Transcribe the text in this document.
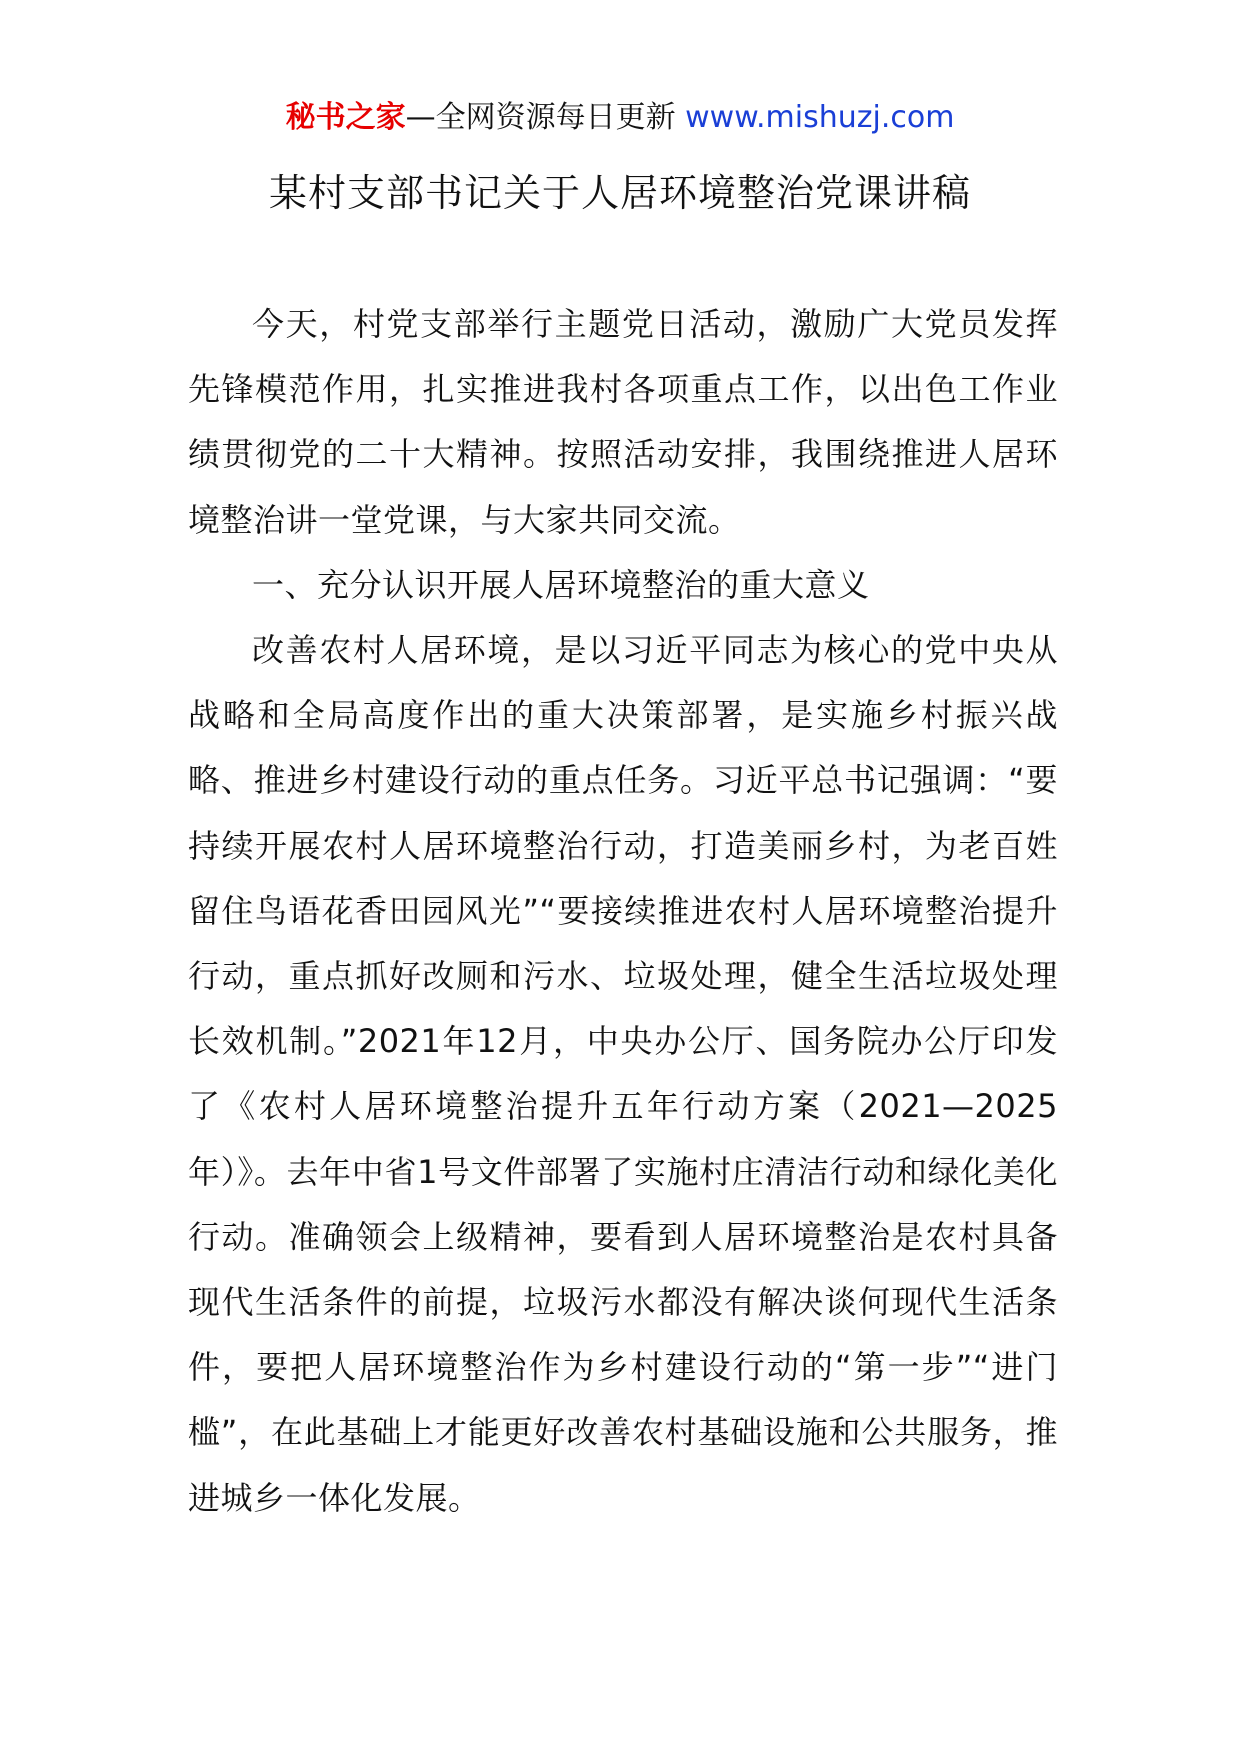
秘书之家—全网资源每日更新 www.mishuzj.com
某村支部书记关于人居环境整治党课讲稿

今天，村党支部举行主题党日活动，激励广大党员发挥先锋模范作用，扎实推进我村各项重点工作，以出色工作业绩贯彻党的二十大精神。按照活动安排，我围绕推进人居环境整治讲一堂党课，与大家共同交流。

一、充分认识开展人居环境整治的重大意义

改善农村人居环境，是以习近平同志为核心的党中央从战略和全局高度作出的重大决策部署，是实施乡村振兴战略、推进乡村建设行动的重点任务。习近平总书记强调：“要持续开展农村人居环境整治行动，打造美丽乡村，为老百姓留住鸟语花香田园风光”“要接续推进农村人居环境整治提升行动，重点抓好改厕和污水、垃圾处理，健全生活垃圾处理长效机制。”2021年12月，中央办公厅、国务院办公厅印发了《农村人居环境整治提升五年行动方案（2021—2025年）》。去年中省1号文件部署了实施村庄清洁行动和绿化美化行动。准确领会上级精神，要看到人居环境整治是农村具备现代生活条件的前提，垃圾污水都没有解决谈何现代生活条件，要把人居环境整治作为乡村建设行动的“第一步”“进门槛”，在此基础上才能更好改善农村基础设施和公共服务，推进城乡一体化发展。
